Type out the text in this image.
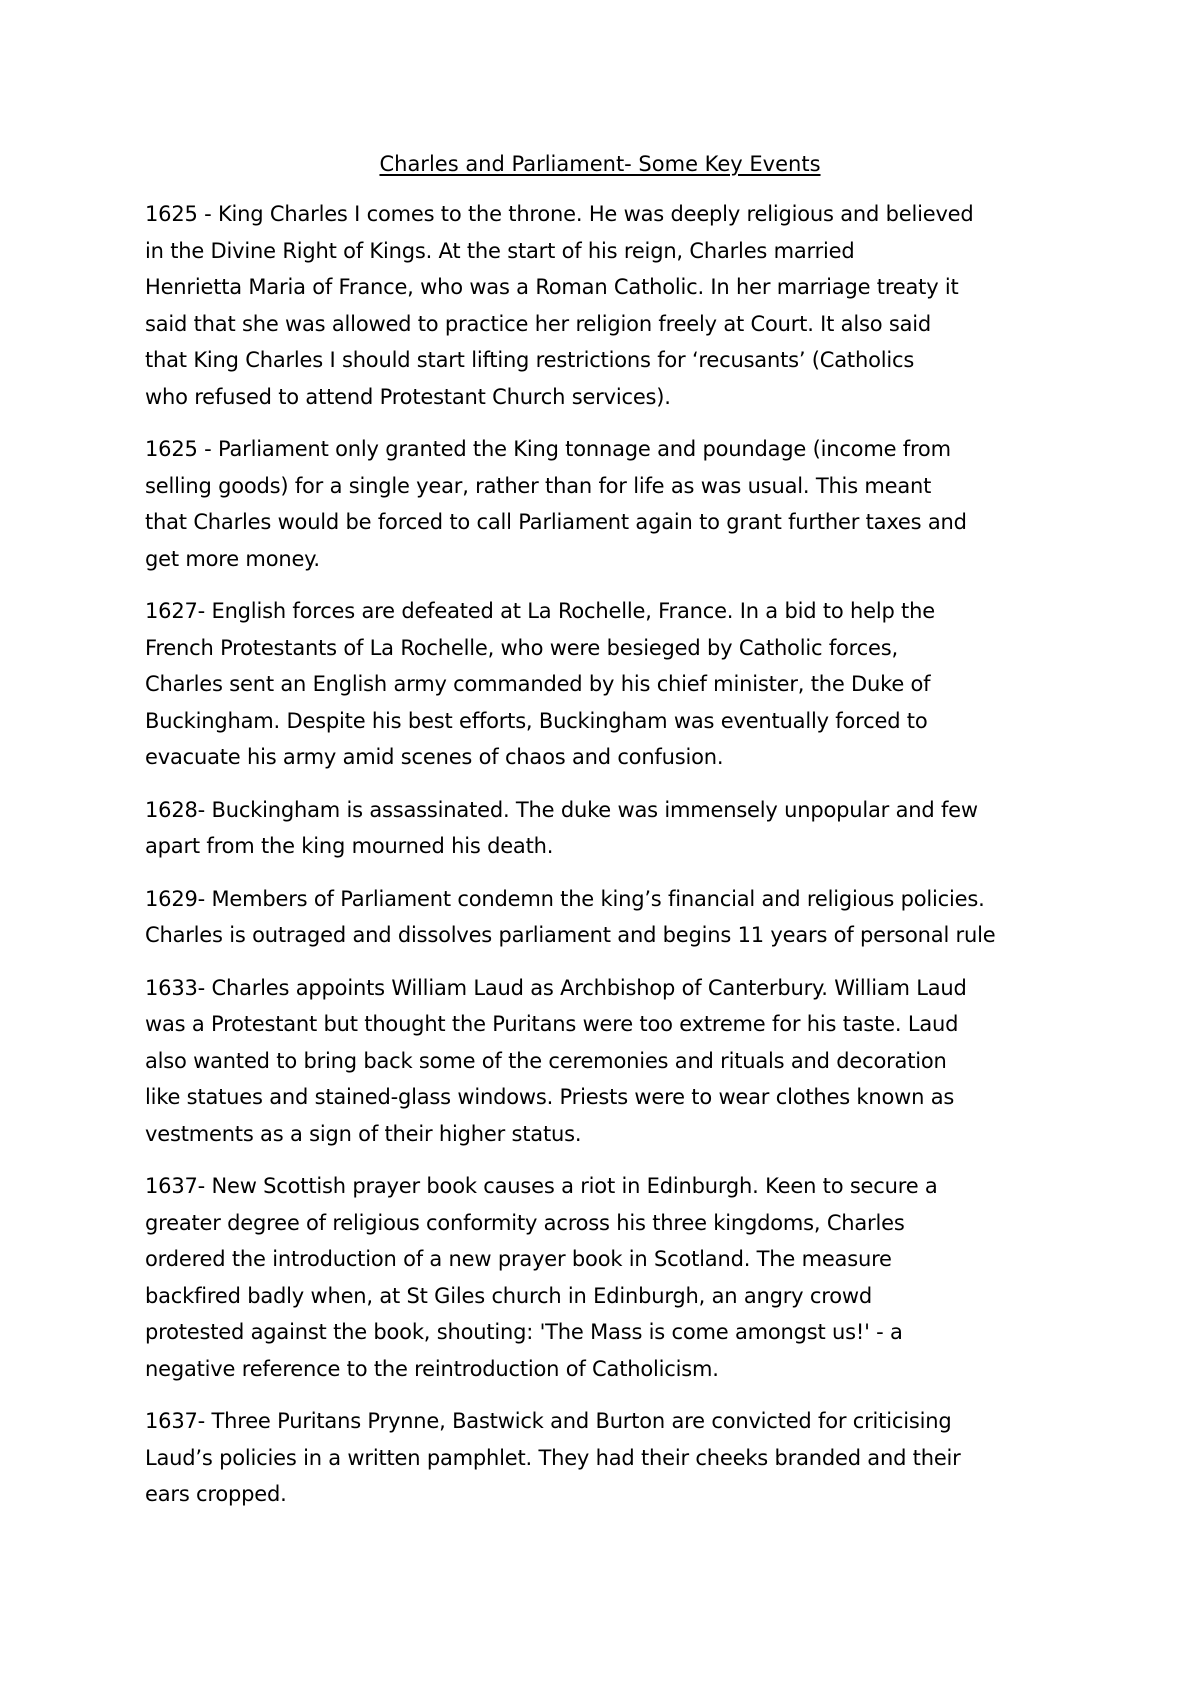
Charles and Parliament- Some Key Events
1625 - King Charles I comes to the throne. He was deeply religious and believed
in the Divine Right of Kings. At the start of his reign, Charles married
Henrietta Maria of France, who was a Roman Catholic. In her marriage treaty it
said that she was allowed to practice her religion freely at Court. It also said
that King Charles I should start lifting restrictions for ‘recusants’ (Catholics
who refused to attend Protestant Church services).
1625 - Parliament only granted the King tonnage and poundage (income from
selling goods) for a single year, rather than for life as was usual. This meant
that Charles would be forced to call Parliament again to grant further taxes and
get more money.
1627- English forces are defeated at La Rochelle, France. In a bid to help the
French Protestants of La Rochelle, who were besieged by Catholic forces,
Charles sent an English army commanded by his chief minister, the Duke of
Buckingham. Despite his best efforts, Buckingham was eventually forced to
evacuate his army amid scenes of chaos and confusion.
1628- Buckingham is assassinated. The duke was immensely unpopular and few
apart from the king mourned his death.
1629- Members of Parliament condemn the king’s financial and religious policies.
Charles is outraged and dissolves parliament and begins 11 years of personal rule
1633- Charles appoints William Laud as Archbishop of Canterbury. William Laud
was a Protestant but thought the Puritans were too extreme for his taste. Laud
also wanted to bring back some of the ceremonies and rituals and decoration
like statues and stained-glass windows. Priests were to wear clothes known as
vestments as a sign of their higher status.
1637- New Scottish prayer book causes a riot in Edinburgh. Keen to secure a
greater degree of religious conformity across his three kingdoms, Charles
ordered the introduction of a new prayer book in Scotland. The measure
backfired badly when, at St Giles church in Edinburgh, an angry crowd
protested against the book, shouting: 'The Mass is come amongst us!' - a
negative reference to the reintroduction of Catholicism.
1637- Three Puritans Prynne, Bastwick and Burton are convicted for criticising
Laud’s policies in a written pamphlet. They had their cheeks branded and their
ears cropped.
